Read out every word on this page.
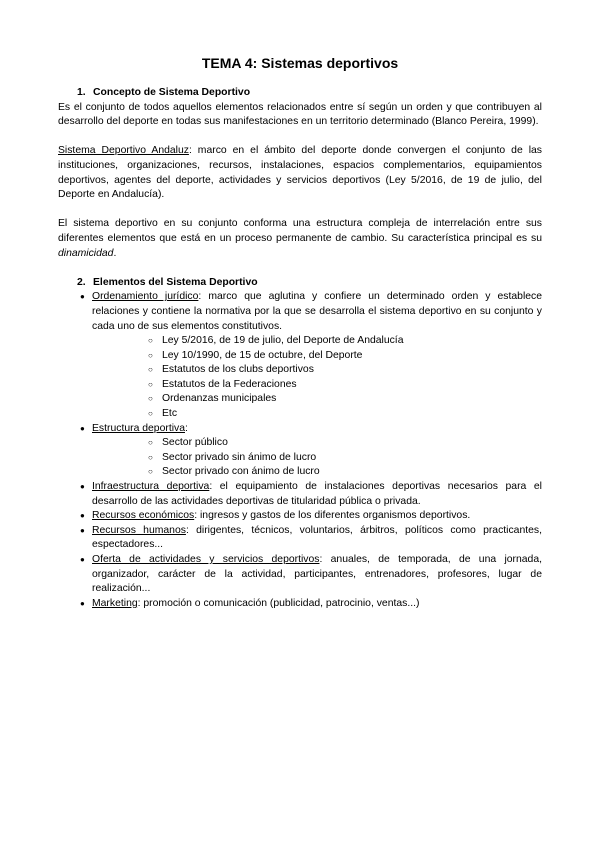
TEMA 4: Sistemas deportivos
1. Concepto de Sistema Deportivo

Es el conjunto de todos aquellos elementos relacionados entre sí según un orden y que contribuyen al desarrollo del deporte en todas sus manifestaciones en un territorio determinado (Blanco Pereira, 1999).

Sistema Deportivo Andaluz: marco en el ámbito del deporte donde convergen el conjunto de las instituciones, organizaciones, recursos, instalaciones, espacios complementarios, equipamientos deportivos, agentes del deporte, actividades y servicios deportivos (Ley 5/2016, de 19 de julio, del Deporte en Andalucía).

El sistema deportivo en su conjunto conforma una estructura compleja de interrelación entre sus diferentes elementos que está en un proceso permanente de cambio. Su característica principal es su dinamicidad.

2. Elementos del Sistema Deportivo
● Ordenamiento jurídico: marco que aglutina y confiere un determinado orden y establece relaciones y contiene la normativa por la que se desarrolla el sistema deportivo en su conjunto y cada uno de sus elementos constitutivos.
○ Ley 5/2016, de 19 de julio, del Deporte de Andalucía
○ Ley 10/1990, de 15 de octubre, del Deporte
○ Estatutos de los clubs deportivos
○ Estatutos de la Federaciones
○ Ordenanzas municipales
○ Etc
● Estructura deportiva:
○ Sector público
○ Sector privado sin ánimo de lucro
○ Sector privado con ánimo de lucro
● Infraestructura deportiva: el equipamiento de instalaciones deportivas necesarios para el desarrollo de las actividades deportivas de titularidad pública o privada.
● Recursos económicos: ingresos y gastos de los diferentes organismos deportivos.
● Recursos humanos: dirigentes, técnicos, voluntarios, árbitros, políticos como practicantes, espectadores...
● Oferta de actividades y servicios deportivos: anuales, de temporada, de una jornada, organizador, carácter de la actividad, participantes, entrenadores, profesores, lugar de realización...
● Marketing: promoción o comunicación (publicidad, patrocinio, ventas...)
